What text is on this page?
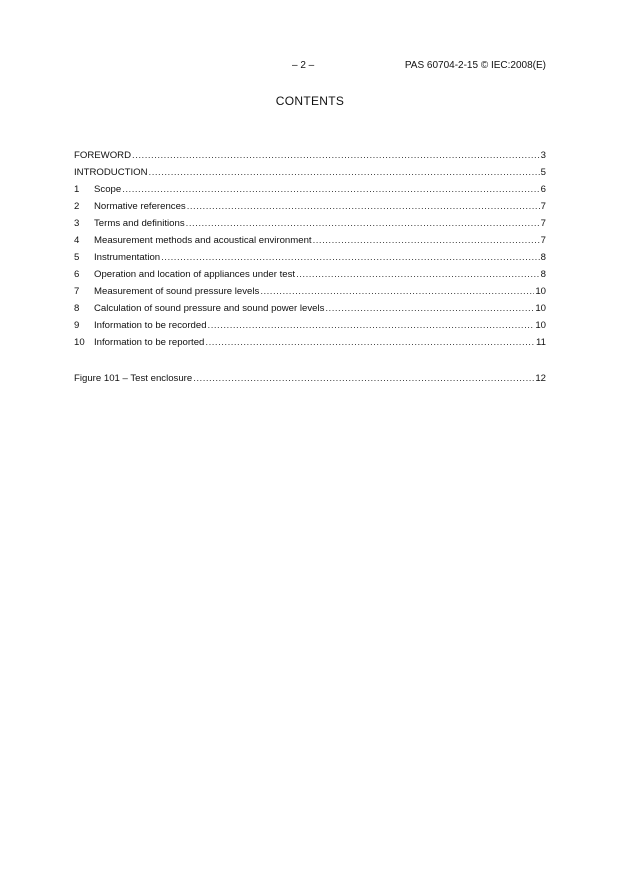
– 2 –	PAS 60704-2-15 © IEC:2008(E)
CONTENTS
FOREWORD .....	3
INTRODUCTION .....	5
1	Scope .....	6
2	Normative references .....	7
3	Terms and definitions .....	7
4	Measurement methods and acoustical environment .....	7
5	Instrumentation .....	8
6	Operation and location of appliances under test .....	8
7	Measurement of sound pressure levels .....	10
8	Calculation of sound pressure and sound power levels .....	10
9	Information to be recorded .....	10
10 Information to be reported .....	11
Figure 101 – Test enclosure .....	12
